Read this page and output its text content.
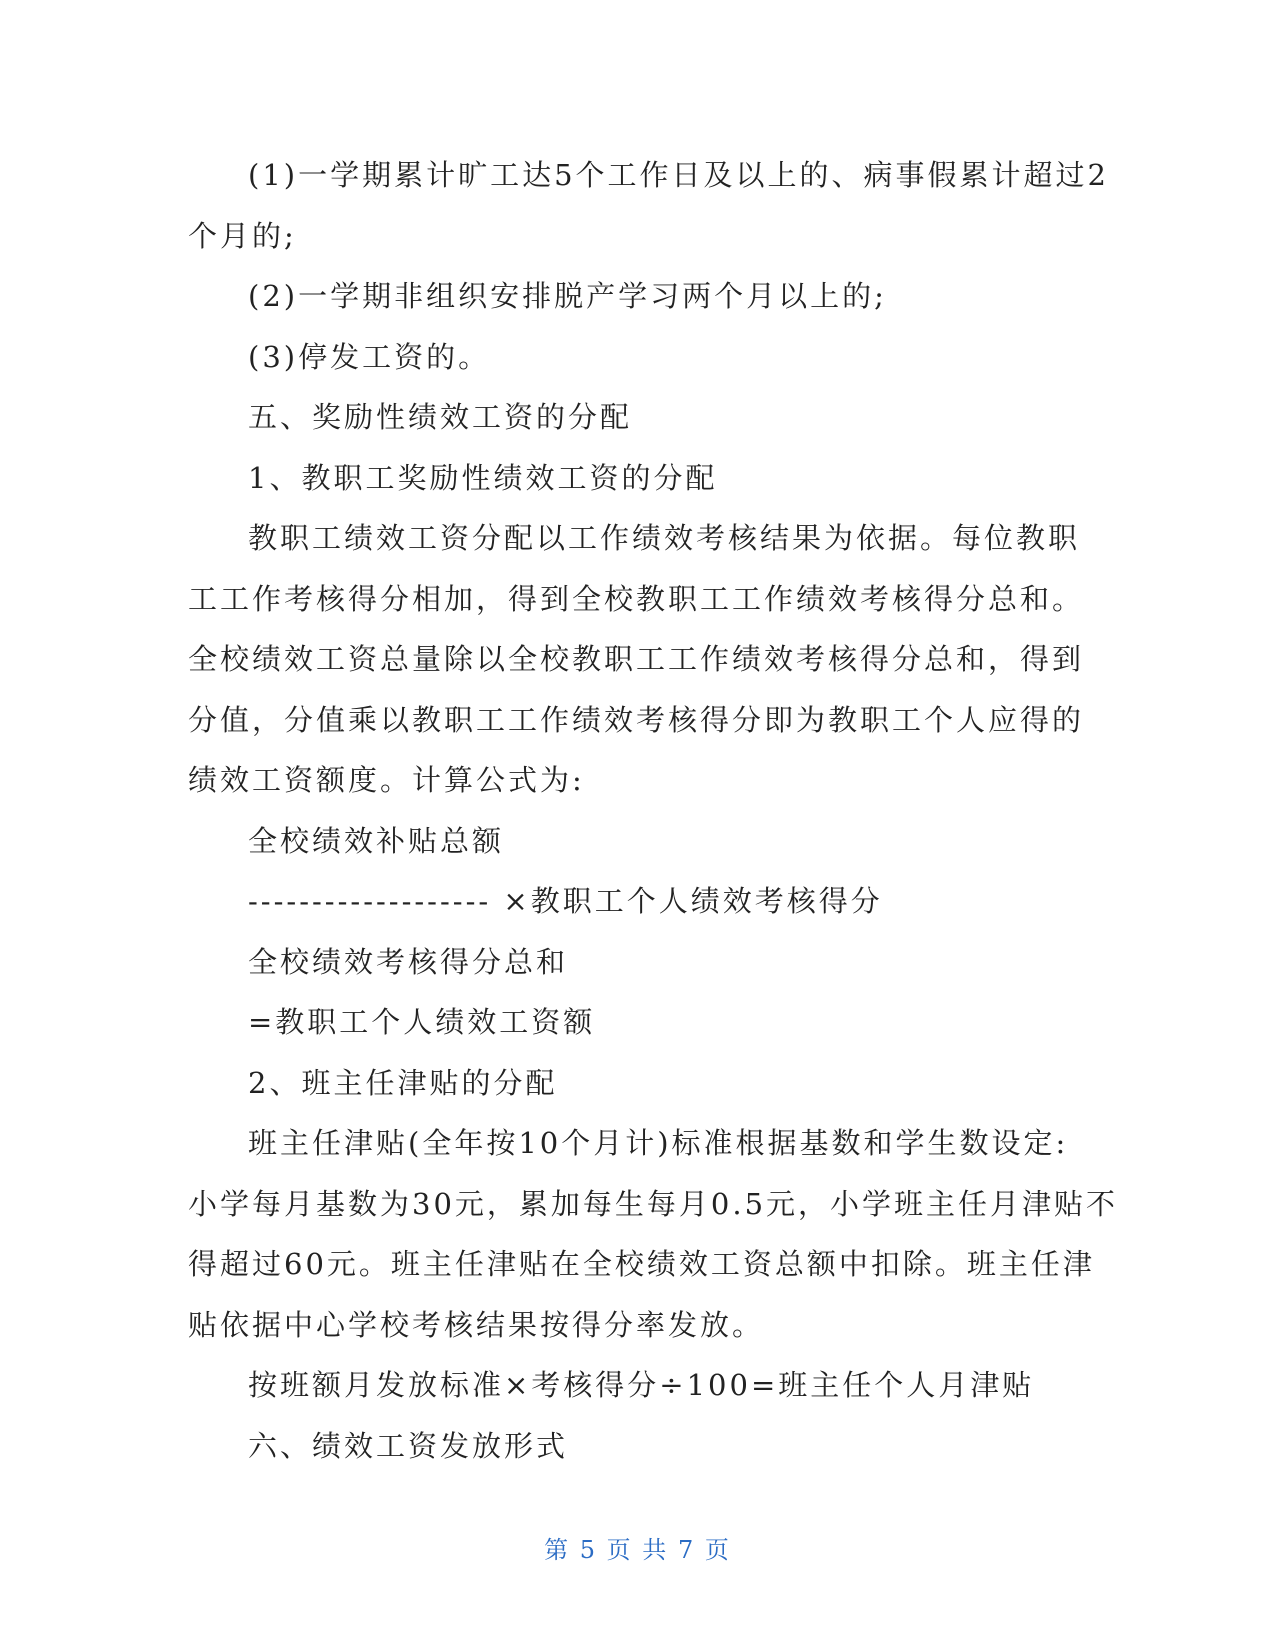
(1)一学期累计旷工达5个工作日及以上的、病事假累计超过2

个月的;

(2)一学期非组织安排脱产学习两个月以上的;

(3)停发工资的。

五、奖励性绩效工资的分配

1、教职工奖励性绩效工资的分配

教职工绩效工资分配以工作绩效考核结果为依据。每位教职

工工作考核得分相加，得到全校教职工工作绩效考核得分总和。

全校绩效工资总量除以全校教职工工作绩效考核得分总和，得到

分值，分值乘以教职工工作绩效考核得分即为教职工个人应得的

绩效工资额度。计算公式为:

全校绩效补贴总额

------------------- ×教职工个人绩效考核得分

全校绩效考核得分总和

=教职工个人绩效工资额

2、班主任津贴的分配

班主任津贴(全年按10个月计)标准根据基数和学生数设定:

小学每月基数为30元，累加每生每月0.5元，小学班主任月津贴不

得超过60元。班主任津贴在全校绩效工资总额中扣除。班主任津

贴依据中心学校考核结果按得分率发放。

按班额月发放标准×考核得分÷100=班主任个人月津贴

六、绩效工资发放形式

第 5 页 共 7 页
